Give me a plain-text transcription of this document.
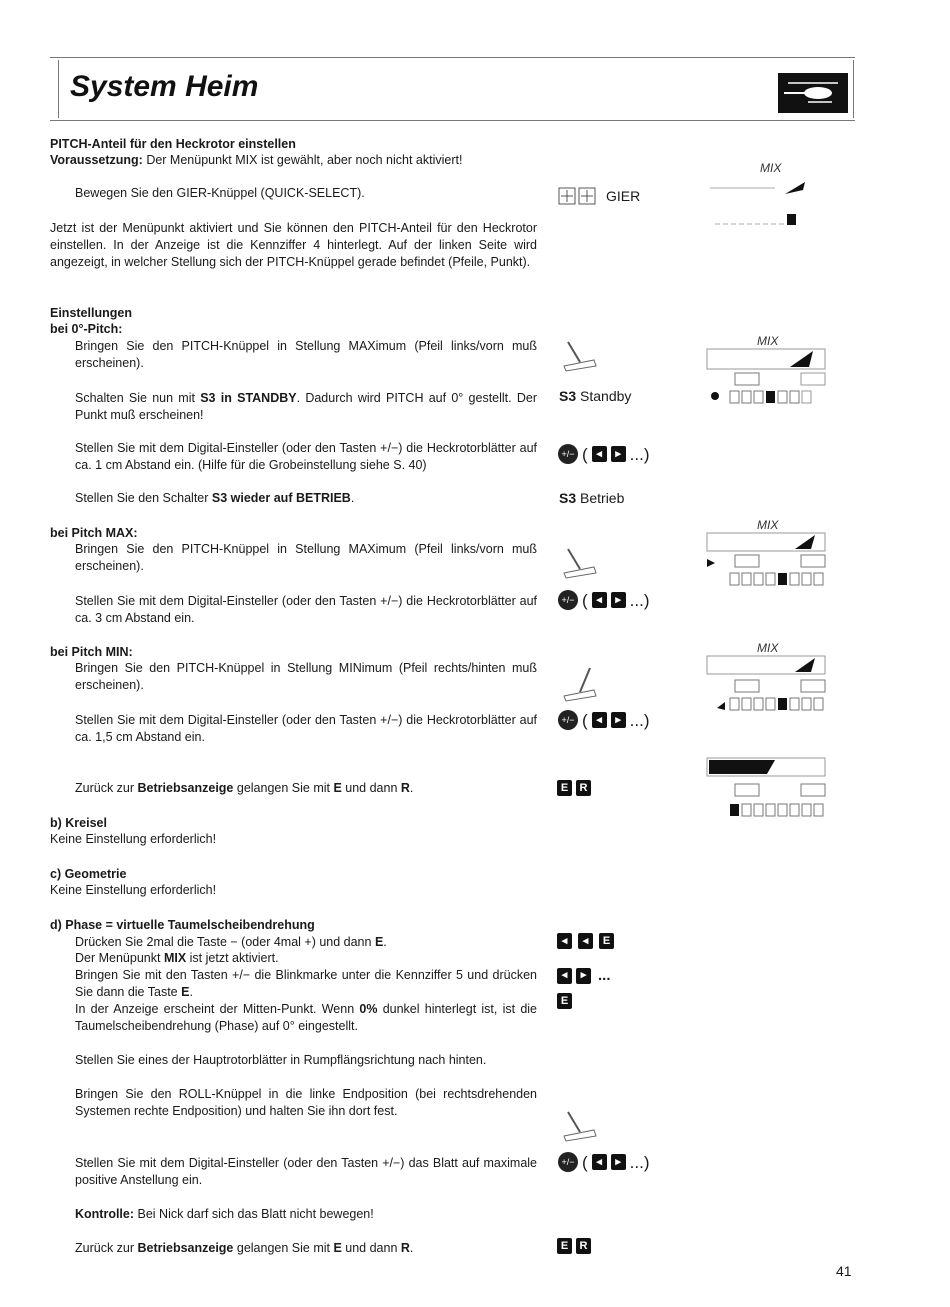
System Heim
PITCH-Anteil für den Heckrotor einstellen
Voraussetzung: Der Menüpunkt MIX ist gewählt, aber noch nicht aktiviert!
Bewegen Sie den GIER-Knüppel (QUICK-SELECT).
Jetzt ist der Menüpunkt aktiviert und Sie können den PITCH-Anteil für den Heckrotor einstellen. In der Anzeige ist die Kennziffer 4 hinterlegt. Auf der linken Seite wird angezeigt, in welcher Stellung sich der PITCH-Knüppel gerade befindet (Pfeile, Punkt).
Einstellungen
bei 0°-Pitch:
Bringen Sie den PITCH-Knüppel in Stellung MAXimum (Pfeil links/vorn muß erscheinen).
Schalten Sie nun mit S3 in STANDBY. Dadurch wird PITCH auf 0° gestellt. Der Punkt muß erscheinen!
Stellen Sie mit dem Digital-Einsteller (oder den Tasten +/−) die Heckrotorblätter auf ca. 1 cm Abstand ein. (Hilfe für die Grobeinstellung siehe S. 40)
Stellen Sie den Schalter S3 wieder auf BETRIEB.
bei Pitch MAX:
Bringen Sie den PITCH-Knüppel in Stellung MAXimum (Pfeil links/vorn muß erscheinen).
Stellen Sie mit dem Digital-Einsteller (oder den Tasten +/−) die Heckrotorblätter auf ca. 3 cm Abstand ein.
bei Pitch MIN:
Bringen Sie den PITCH-Knüppel in Stellung MINimum (Pfeil rechts/hinten muß erscheinen).
Stellen Sie mit dem Digital-Einsteller (oder den Tasten +/−) die Heckrotorblätter auf ca. 1,5 cm Abstand ein.
Zurück zur Betriebsanzeige gelangen Sie mit E und dann R.
b) Kreisel
Keine Einstellung erforderlich!
c) Geometrie
Keine Einstellung erforderlich!
d) Phase = virtuelle Taumelscheibendrehung
Drücken Sie 2mal die Taste − (oder 4mal +) und dann E.
Der Menüpunkt MIX ist jetzt aktiviert.
Bringen Sie mit den Tasten +/− die Blinkmarke unter die Kennziffer 5 und drücken Sie dann die Taste E.
In der Anzeige erscheint der Mitten-Punkt. Wenn 0% dunkel hinterlegt ist, ist die Taumelscheibendrehung (Phase) auf 0° eingestellt.
Stellen Sie eines der Hauptrotorblätter in Rumpflängsrichtung nach hinten.
Bringen Sie den ROLL-Knüppel in die linke Endposition (bei rechtsdrehenden Systemen rechte Endposition) und halten Sie ihn dort fest.
Stellen Sie mit dem Digital-Einsteller (oder den Tasten +/−) das Blatt auf maximale positive Anstellung ein.
Kontrolle: Bei Nick darf sich das Blatt nicht bewegen!
Zurück zur Betriebsanzeige gelangen Sie mit E und dann R.
GIER
S3 Standby
+/− ( ◂	▸ ...)
S3 Betrieb
+/− ( ◂	▸ ...)
+/− ( ◂	▸ ...)
E	R
◂	◂	E
◂	▸ ...
E
+/− ( ◂	▸ ...)
E	R
MIX
MIX
MIX
MIX
41
